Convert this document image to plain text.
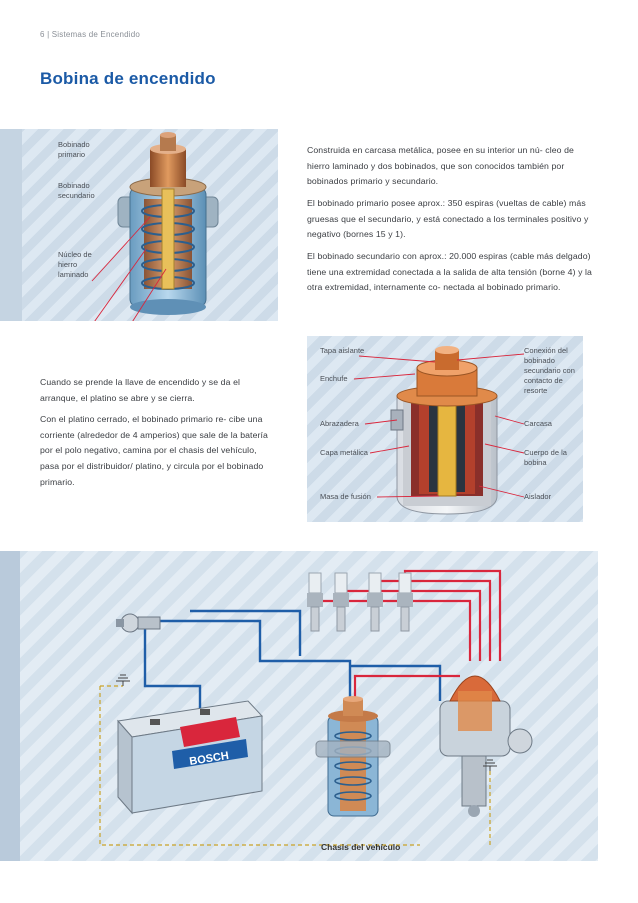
6 | Sistemas de Encendido
Bobina de encendido
Bobinado primario
Bobinado secundario
Núcleo de hierro laminado
Construida en carcasa metálica, posee en su interior un nú- cleo de hierro laminado y dos bobinados, que son conocidos también por bobinados primario y secundario.
El bobinado primario posee aprox.: 350 espiras (vueltas de cable) más gruesas que el secundario, y está conectado a los terminales positivo y negativo (bornes 15 y 1).
El bobinado secundario con aprox.: 20.000 espiras (cable más delgado) tiene una extremidad conectada a la salida de alta tensión (borne 4) y la otra extremidad, internamente co- nectada al bobinado primario.
Cuando se prende la llave de encendido y se da el arranque, el platino se abre y se cierra.
Con el platino cerrado, el bobinado primario re- cibe una corriente (alrededor de 4 amperios) que sale de la batería por el polo negativo, camina por el chasis del vehículo, pasa por el distribuidor/ platino, y circula por el bobinado primario.
Tapa aislante
Enchufe
Abrazadera
Capa metálica
Masa de fusión
Conexión del bobinado secundario con contacto de resorte
Carcasa
Cuerpo de la bobina
Aislador
BOSCH
Chasis del vehículo
